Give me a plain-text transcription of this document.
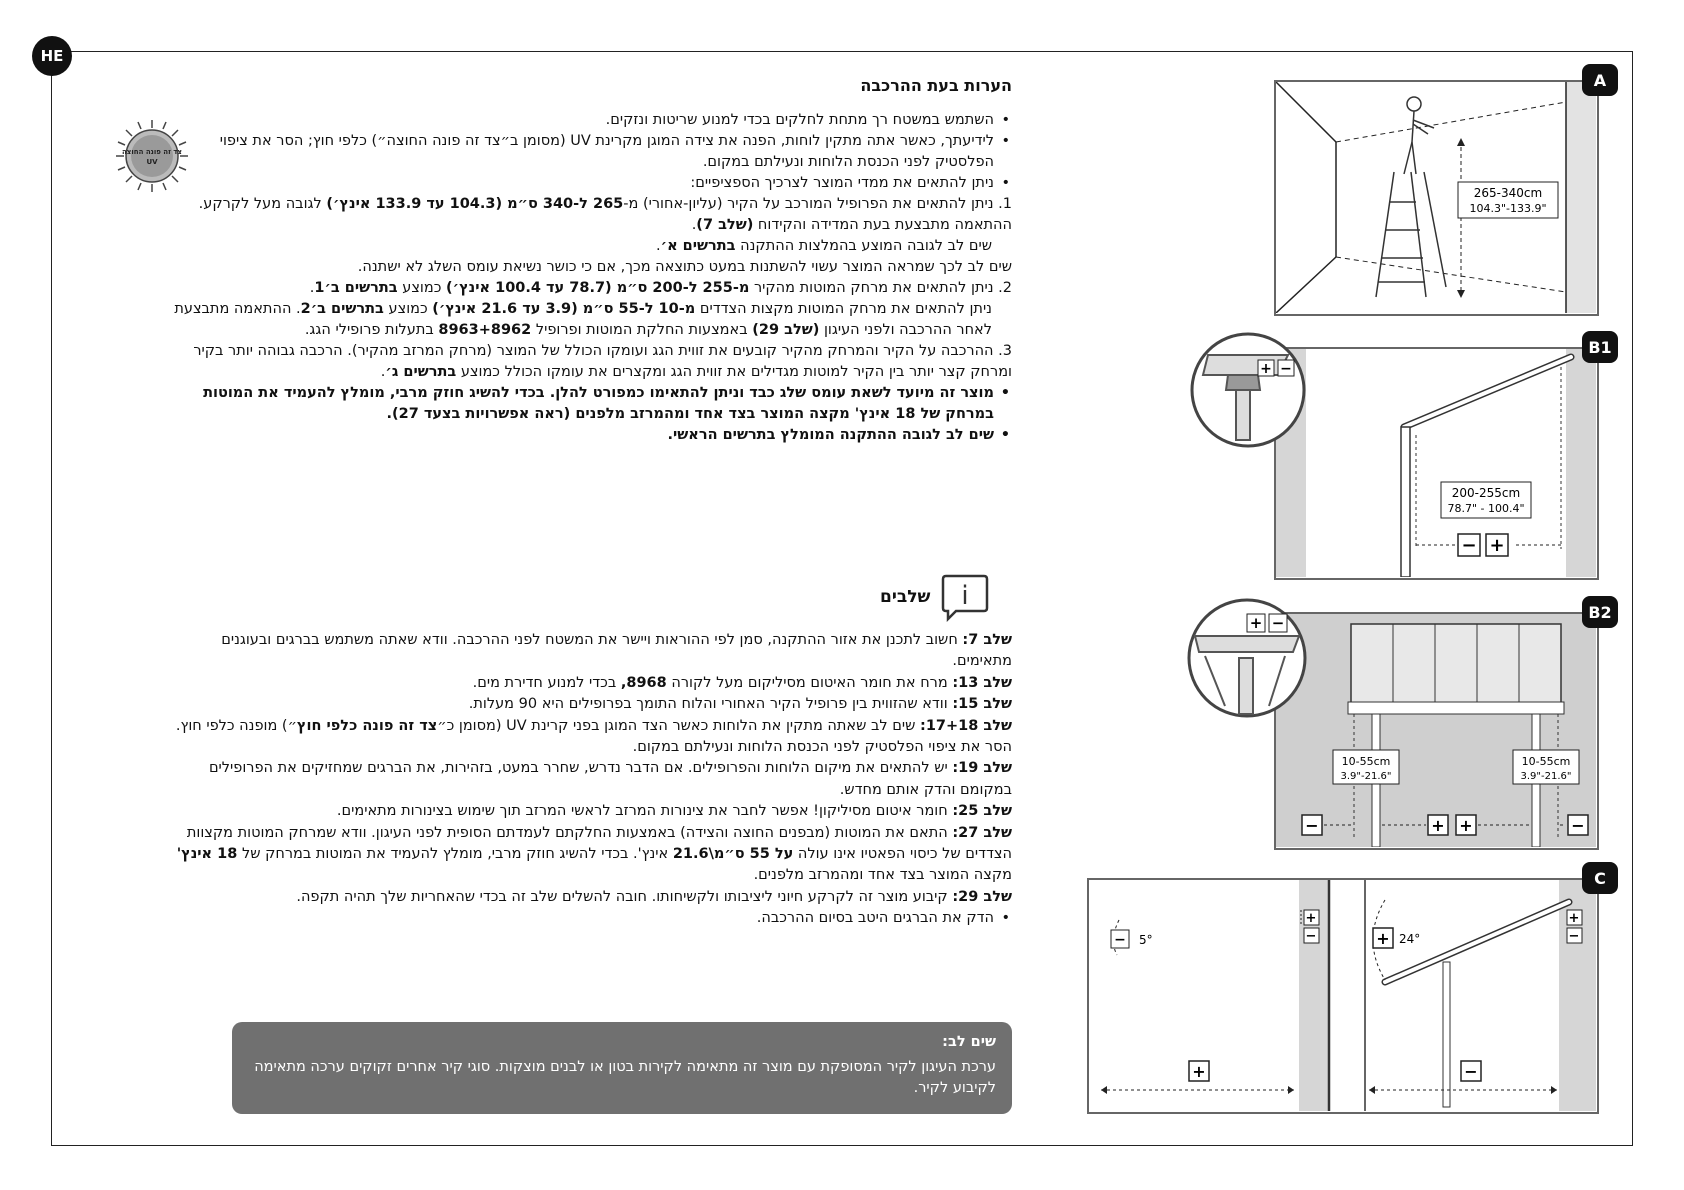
HE
צד זה פונה החוצה
UV
הערות בעת ההרכבה
• השתמש במשטח רך מתחת לחלקים בכדי למנוע שריטות ונזקים.
• לידיעתך, כאשר אתה מתקין לוחות, הפנה את צידה המוגן מקרינת UV (מסומן ב״צד זה פונה החוצה״) כלפי חוץ; הסר את ציפוי הפלסטיק לפני הכנסת הלוחות ונעילתם במקום.
• ניתן להתאים את ממדי המוצר לצרכיך הספציפיים:
1. ניתן להתאים את הפרופיל המורכב על הקיר (עליון-אחורי) מ-265 ל-340 ס״מ (104.3 עד 133.9 אינץ׳) לגובה מעל לקרקע. ההתאמה מתבצעת בעת המדידה והקידוח (שלב 7).
שים לב לגובה המוצע בהמלצות ההתקנה בתרשים א׳.
שים לב לכך שמראה המוצר עשוי להשתנות במעט כתוצאה מכך, אם כי כושר נשיאת עומס השלג לא ישתנה.
2. ניתן להתאים את מרחק המוטות מהקיר מ-255 ל-200 ס״מ (78.7 עד 100.4 אינץ׳) כמוצע בתרשים ב׳1.
ניתן להתאים את מרחק המוטות מקצות הצדדים מ-10 ל-55 ס״מ (3.9 עד 21.6 אינץ׳) כמוצע בתרשים ב׳2. ההתאמה מתבצעת לאחר ההרכבה ולפני העיגון (שלב 29) באמצעות החלקת המוטות ופרופיל 8963+8962 בתעלות פרופילי הגג.
3. ההרכבה על הקיר והמרחק מהקיר קובעים את זווית הגג ועומקו הכולל של המוצר (מרחק המרזב מהקיר). הרכבה גבוהה יותר בקיר ומרחק קצר יותר בין הקיר למוטות מגדילים את זווית הגג ומקצרים את עומקו הכולל כמוצע בתרשים ג׳.
• מוצר זה מיועד לשאת עומס שלג כבד וניתן להתאימו כמפורט להלן. בכדי להשיג חוזק מרבי, מומלץ להעמיד את המוטות במרחק של 18 אינץ' מקצה המוצר בצד אחד ומהמרזב מלפנים (ראה אפשרויות בצעד 27).
• שים לב לגובה ההתקנה המומלץ בתרשים הראשי.
i
שלבים

שלב 7: חשוב לתכנן את אזור ההתקנה, סמן לפי ההוראות ויישר את המשטח לפני ההרכבה. וודא שאתה משתמש בברגים ובעוגנים מתאימים.

שלב 13: מרח את חומר האיטום מסיליקום מעל לקורה 8968, בכדי למנוע חדירת מים.

שלב 15: וודא שהזווית בין פרופיל הקיר האחורי והלוח התומך בפרופילים היא 90 מעלות.

שלב 17+18: שים לב שאתה מתקין את הלוחות כאשר הצד המוגן בפני קרינת UV (מסומן כ״צד זה פונה כלפי חוץ״) מופנה כלפי חוץ. הסר את ציפוי הפלסטיק לפני הכנסת הלוחות ונעילתם במקום.

שלב 19: יש להתאים את מיקום הלוחות והפרופילים. אם הדבר נדרש, שחרר במעט, בזהירות, את הברגים שמחזיקים את הפרופילים במקומם והדק אותם מחדש.

שלב 25: חומר איטום מסיליקון! אפשר לחבר את צינורות המרזב לראשי המרזב תוך שימוש בצינורות מתאימים.

שלב 27: התאם את המוטות (מבפנים החוצה והצידה) באמצעות החלקתם לעמדתם הסופית לפני העיגון. וודא שמרחק המוטות מקצוות הצדדים של כיסוי הפאטיו אינו עולה על 55 ס״מ\21.6 אינץ'. בכדי להשיג חוזק מרבי, מומלץ להעמיד את המוטות במרחק של 18 אינץ' מקצה המוצר בצד אחד ומהמרזב מלפנים.

שלב 29: קיבוע מוצר זה לקרקע חיוני ליציבותו ולקשיחותו. חובה להשלים שלב זה בכדי שהאחריות שלך תהיה תקפה.

• הדק את הברגים היטב בסיום ההרכבה.

שים לב:
ערכת העיגון לקיר המסופקת עם מוצר זה מתאימה לקירות בטון או לבנים מוצקות. סוגי קיר אחרים זקוקים ערכה מתאימה לקיבוע לקיר.
265-340cm
104.3"-133.9"
A
200-255cm
78.7" - 100.4"
− +
+ −
B1
10-55cm
3.9"-21.6"
10-55cm
3.9"-21.6"
−	+ +	−
+ −
B2
+
−
− 5°
+
+ 24°
+
−
−
C
